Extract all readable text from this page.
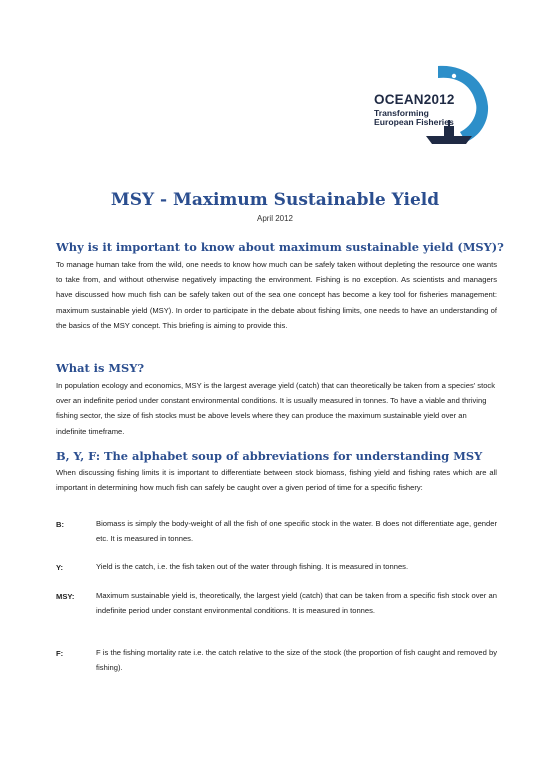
OCEAN2012
Transforming
European Fisheries
MSY - Maximum Sustainable Yield
April 2012
Why is it important to know about maximum sustainable yield (MSY)?
To manage human take from the wild, one needs to know how much can be safely taken without depleting the resource one wants to take from, and without otherwise negatively impacting the environment. Fishing is no exception. As scientists and managers have discussed how much fish can be safely taken out of the sea one concept has become a key tool for fisheries management: maximum sustainable yield (MSY). In order to participate in the debate about fishing limits, one needs to have an understanding of the basics of the MSY concept. This briefing is aiming to provide this.
What is MSY?
In population ecology and economics, MSY is the largest average yield (catch) that can theoretically be taken from a species' stock over an indefinite period under constant environmental conditions. It is usually measured in tonnes. To have a viable and thriving fishing sector, the size of fish stocks must be above levels where they can produce the maximum sustainable yield over an indefinite timeframe.
B, Y, F: The alphabet soup of abbreviations for understanding MSY
When discussing fishing limits it is important to differentiate between stock biomass, fishing yield and fishing rates which are all important in determining how much fish can safely be caught over a given period of time for a specific fishery:
B:	Biomass is simply the body-weight of all the fish of one specific stock in the water. B does not differentiate age, gender etc. It is measured in tonnes.
Y:	Yield is the catch, i.e. the fish taken out of the water through fishing. It is measured in tonnes.
MSY:	Maximum sustainable yield is, theoretically, the largest yield (catch) that can be taken from a specific fish stock over an indefinite period under constant environmental conditions. It is measured in tonnes.
F:	F is the fishing mortality rate i.e. the catch relative to the size of the stock (the proportion of fish caught and removed by fishing).
